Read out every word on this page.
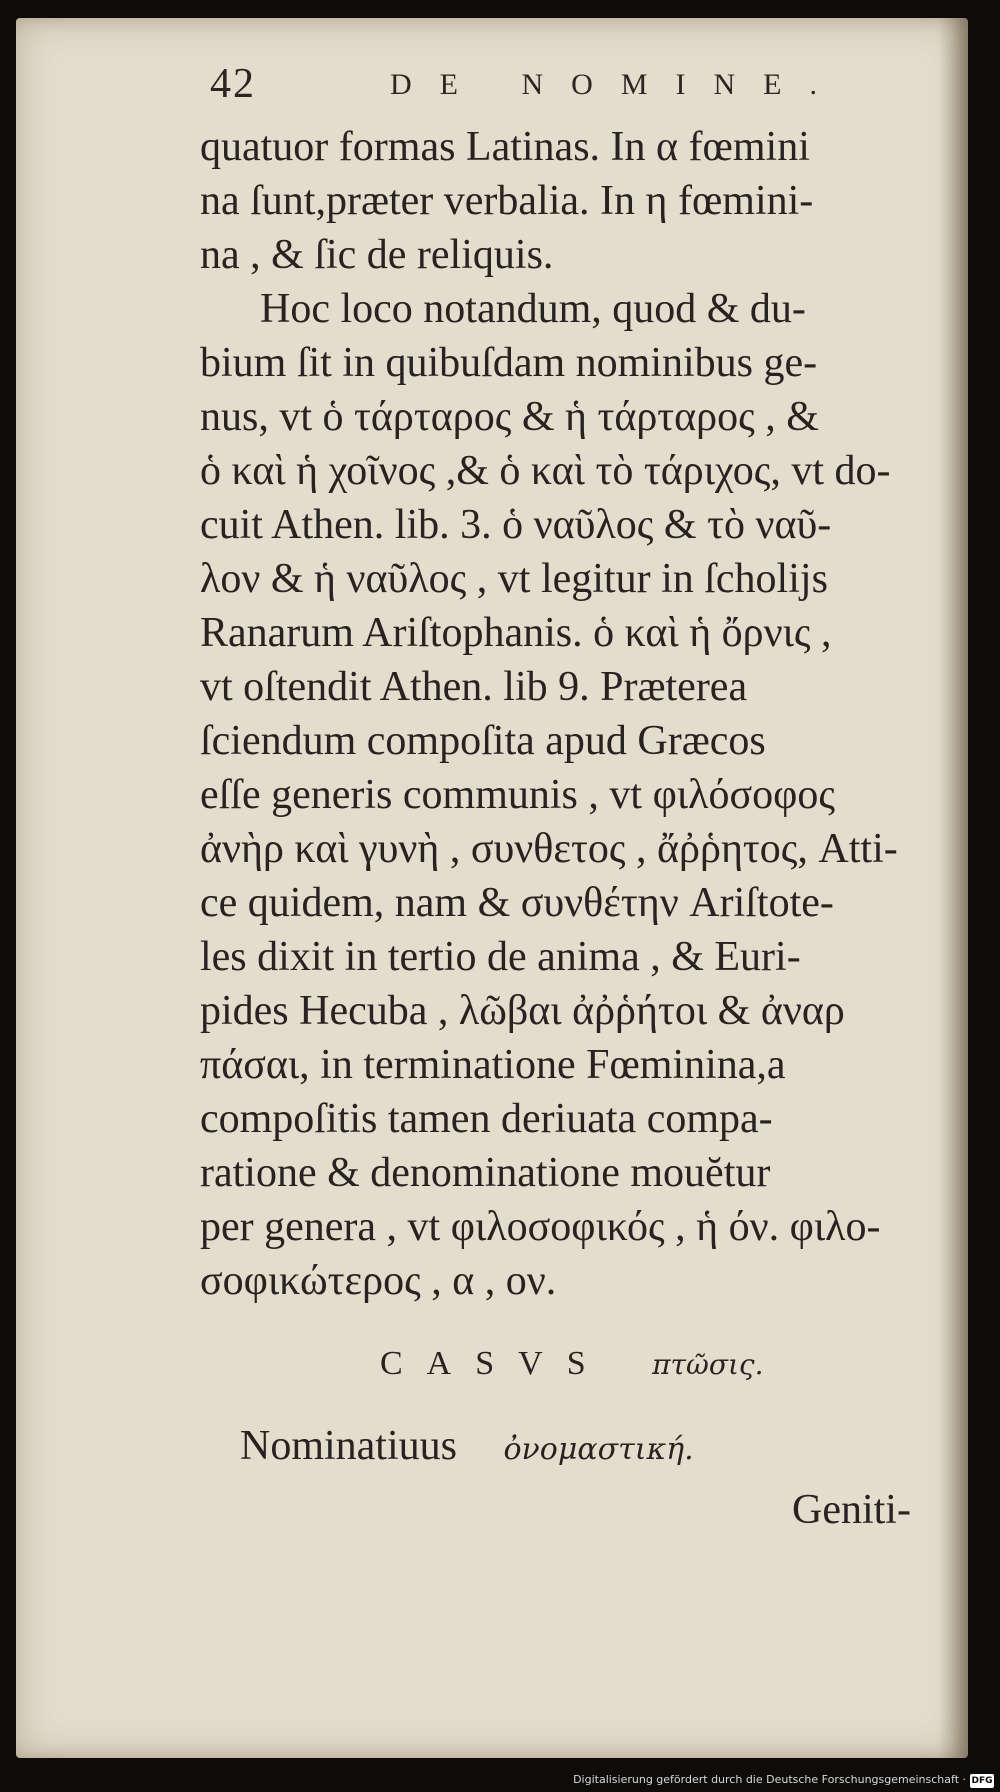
42	DE NOMINE.
quatuor formas Latinas. In α fœmini
na ſunt,præter verbalia. In η fœmini-
na , & ſic de reliquis.
Hoc loco notandum, quod & du-
bium ſit in quibuſdam nominibus ge-
nus, vt ὁ τάρταρος & ἡ τάρταρος , &
ὁ καὶ ἡ χοῖνος ,& ὁ καὶ τὸ τάριχος, vt do-
cuit Athen. lib. 3. ὁ ναῦλος & τὸ ναῦ-
λον & ἡ ναῦλος , vt legitur in ſcholijs
Ranarum Ariſtophanis. ὁ καὶ ἡ ὄρνις ,
vt oſtendit Athen. lib 9. Præterea
ſciendum compoſita apud Græcos
eſſe generis communis , vt φιλόσοφος
ἀνὴρ καὶ γυνὴ , συνθετος , ἄῤῥητος, Atti-
ce quidem, nam & συνθέτην Ariſtote-
les dixit in tertio de anima , & Euri-
pides Hecuba , λῶβαι ἀῤῥήτοι & ἀναρ
πάσαι, in terminatione Fœminina,a
compoſitis tamen deriuata compa-
ratione & denominatione mouĕtur
per genera , vt φιλοσοφικός , ἡ όν. φιλο-
σοφικώτερος , α , ον.
CASVS πτῶσις.
Nominatiuus ὀνομαστική.
Geniti-
Digitalisierung gefördert durch die Deutsche Forschungsgemeinschaft · DFG
